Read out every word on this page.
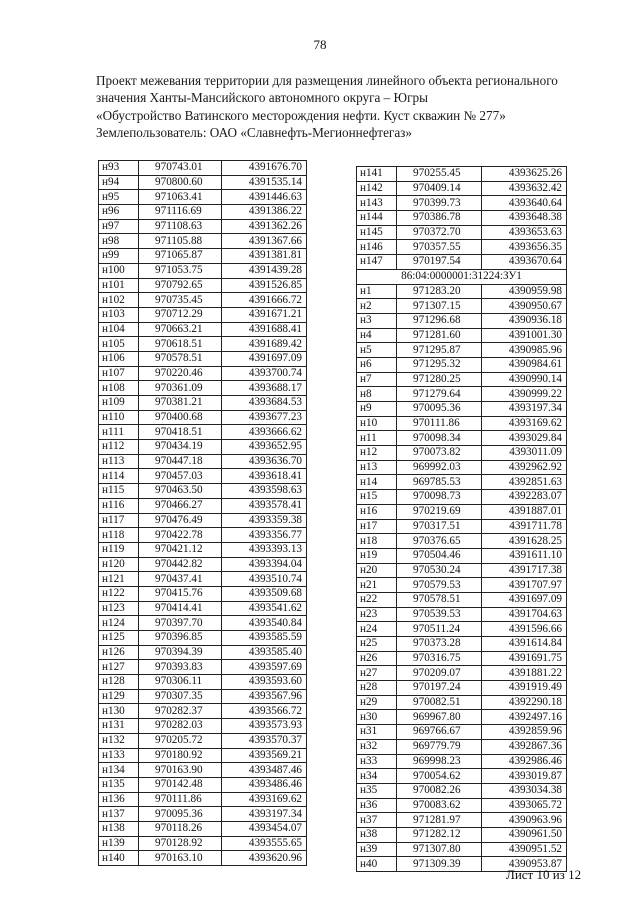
78
Проект межевания территории для размещения линейного объекта регионального
значения Ханты-Мансийского автономного округа – Югры
«Обустройство Ватинского месторождения нефти. Куст скважин № 277»
Землепользователь: ОАО «Славнефть-Мегионнефтегаз»
н93	970743.01	4391676.70
н94	970800.60	4391535.14
н95	971063.41	4391446.63
н96	971116.69	4391386.22
н97	971108.63	4391362.26
н98	971105.88	4391367.66
н99	971065.87	4391381.81
н100	971053.75	4391439.28
н101	970792.65	4391526.85
н102	970735.45	4391666.72
н103	970712.29	4391671.21
н104	970663.21	4391688.41
н105	970618.51	4391689.42
н106	970578.51	4391697.09
н107	970220.46	4393700.74
н108	970361.09	4393688.17
н109	970381.21	4393684.53
н110	970400.68	4393677.23
н111	970418.51	4393666.62
н112	970434.19	4393652.95
н113	970447.18	4393636.70
н114	970457.03	4393618.41
н115	970463.50	4393598.63
н116	970466.27	4393578.41
н117	970476.49	4393359.38
н118	970422.78	4393356.77
н119	970421.12	4393393.13
н120	970442.82	4393394.04
н121	970437.41	4393510.74
н122	970415.76	4393509.68
н123	970414.41	4393541.62
н124	970397.70	4393540.84
н125	970396.85	4393585.59
н126	970394.39	4393585.40
н127	970393.83	4393597.69
н128	970306.11	4393593.60
н129	970307.35	4393567.96
н130	970282.37	4393566.72
н131	970282.03	4393573.93
н132	970205.72	4393570.37
н133	970180.92	4393569.21
н134	970163.90	4393487.46
н135	970142.48	4393486.46
н136	970111.86	4393169.62
н137	970095.36	4393197.34
н138	970118.26	4393454.07
н139	970128.92	4393555.65
н140	970163.10	4393620.96
н141	970255.45	4393625.26
н142	970409.14	4393632.42
н143	970399.73	4393640.64
н144	970386.78	4393648.38
н145	970372.70	4393653.63
н146	970357.55	4393656.35
н147	970197.54	4393670.64
86:04:0000001:31224:ЗУ1		
н1	971283.20	4390959.98
н2	971307.15	4390950.67
н3	971296.68	4390936.18
н4	971281.60	4391001.30
н5	971295.87	4390985.96
н6	971295.32	4390984.61
н7	971280.25	4390990.14
н8	971279.64	4390999.22
н9	970095.36	4393197.34
н10	970111.86	4393169.62
н11	970098.34	4393029.84
н12	970073.82	4393011.09
н13	969992.03	4392962.92
н14	969785.53	4392851.63
н15	970098.73	4392283.07
н16	970219.69	4391887.01
н17	970317.51	4391711.78
н18	970376.65	4391628.25
н19	970504.46	4391611.10
н20	970530.24	4391717.38
н21	970579.53	4391707.97
н22	970578.51	4391697.09
н23	970539.53	4391704.63
н24	970511.24	4391596.66
н25	970373.28	4391614.84
н26	970316.75	4391691.75
н27	970209.07	4391881.22
н28	970197.24	4391919.49
н29	970082.51	4392290.18
н30	969967.80	4392497.16
н31	969766.67	4392859.96
н32	969779.79	4392867.36
н33	969998.23	4392986.46
н34	970054.62	4393019.87
н35	970082.26	4393034.38
н36	970083.62	4393065.72
н37	971281.97	4390963.96
н38	971282.12	4390961.50
н39	971307.80	4390951.52
н40	971309.39	4390953.87
Лист 10 из 12
